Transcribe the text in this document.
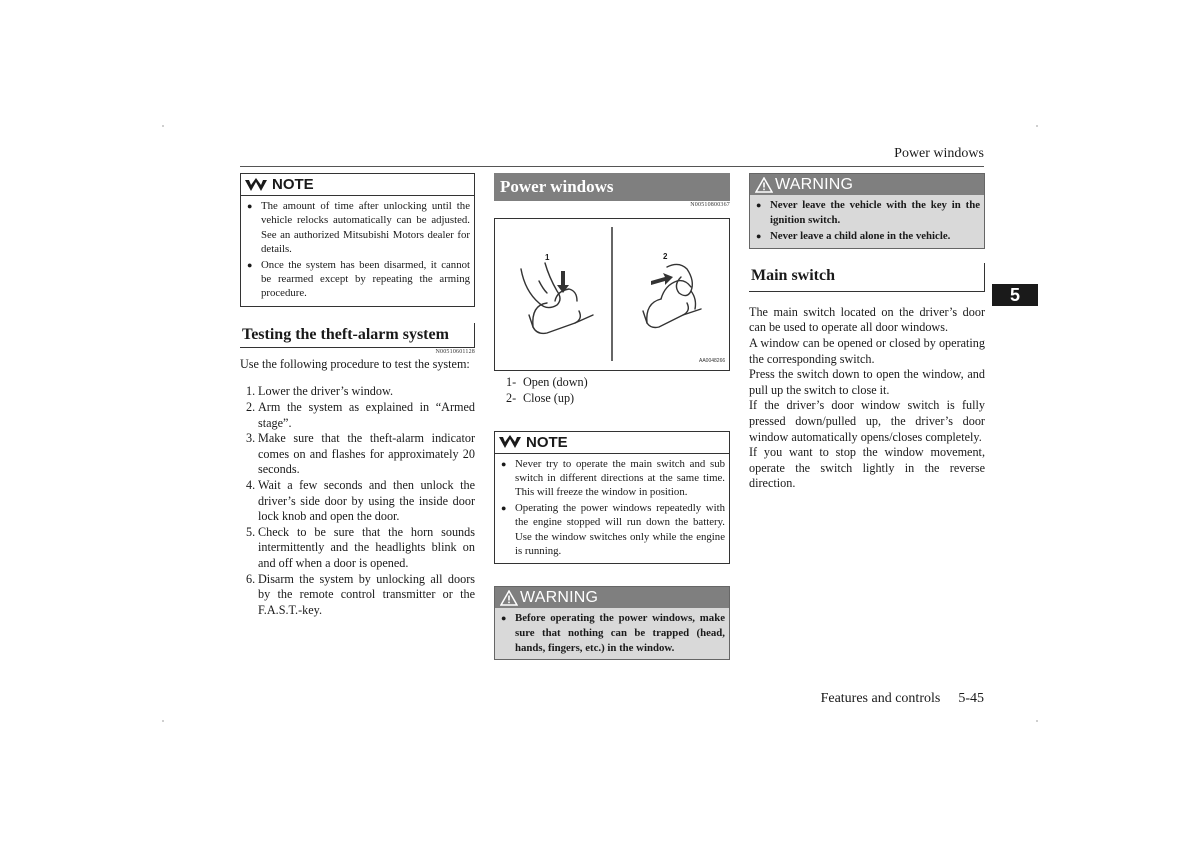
Power windows
5
NOTE
● The amount of time after unlocking until the vehicle relocks automatically can be adjusted. See an authorized Mitsubishi Motors dealer for details.
● Once the system has been disarmed, it cannot be rearmed except by repeating the arming procedure.
Testing the theft-alarm system
N00510601128

Use the following procedure to test the system:

1. Lower the driver’s window.
2. Arm the system as explained in “Armed stage”.
3. Make sure that the theft-alarm indicator comes on and flashes for approximately 20 seconds.
4. Wait a few seconds and then unlock the driver’s side door by using the inside door lock knob and open the door.
5. Check to be sure that the horn sounds intermittently and the headlights blink on and off when a door is opened.
6. Disarm the system by unlocking all doors by the remote control transmitter or the F.A.S.T.-key.
Power windows
N00510800367
1	2
AA0048266
1- Open (down)
2- Close (up)
NOTE
● Never try to operate the main switch and sub switch in different directions at the same time. This will freeze the window in position.
● Operating the power windows repeatedly with the engine stopped will run down the battery. Use the window switches only while the engine is running.
WARNING
● Before operating the power windows, make sure that nothing can be trapped (head, hands, fingers, etc.) in the window.
WARNING
● Never leave the vehicle with the key in the ignition switch.
● Never leave a child alone in the vehicle.
Main switch

The main switch located on the driver’s door can be used to operate all door windows.

A window can be opened or closed by operating the corresponding switch.

Press the switch down to open the window, and pull up the switch to close it.

If the driver’s door window switch is fully pressed down/pulled up, the driver’s door window automatically opens/closes completely.

If you want to stop the window movement, operate the switch lightly in the reverse direction.

Features and controls 5-45
